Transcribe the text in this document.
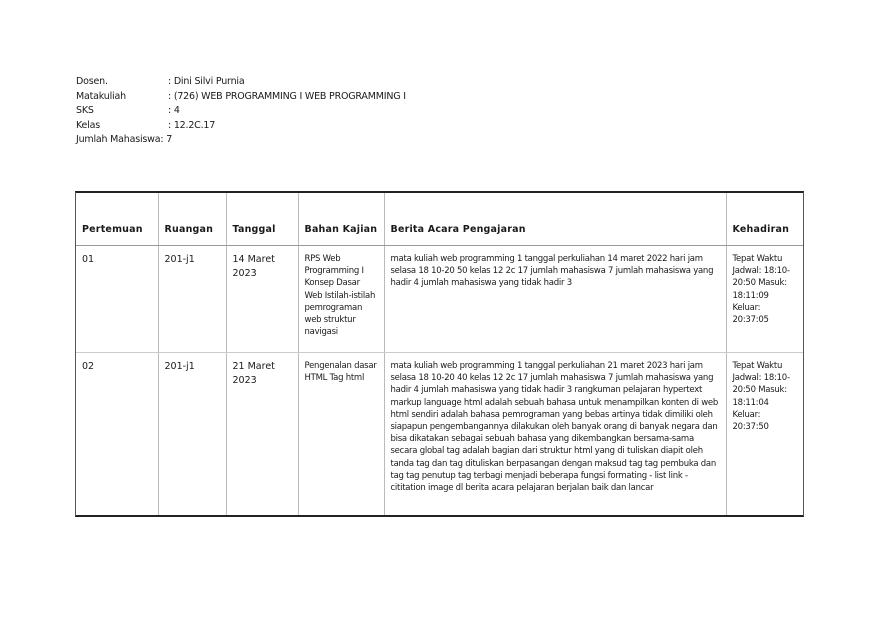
Dosen.	: Dini Silvi Purnia
Matakuliah	: (726) WEB PROGRAMMING I WEB PROGRAMMING I
SKS	: 4
Kelas	: 12.2C.17
Jumlah Mahasiswa : 7
Pertemuan	Ruangan	Tanggal	Bahan Kajian	Berita Acara Pengajaran	Kehadiran
01	201-j1	14 Maret 2023	RPS Web Programming I Konsep Dasar Web Istilah-istilah pemrograman web struktur navigasi	mata kuliah web programming 1 tanggal perkuliahan 14 maret 2022 hari jam selasa 18 10-20 50 kelas 12 2c 17 jumlah mahasiswa 7 jumlah mahasiswa yang hadir 4 jumlah mahasiswa yang tidak hadir 3	Tepat Waktu Jadwal: 18:10-20:50 Masuk: 18:11:09 Keluar: 20:37:05
02	201-j1	21 Maret 2023	Pengenalan dasar HTML Tag html	mata kuliah web programming 1 tanggal perkuliahan 21 maret 2023 hari jam selasa 18 10-20 40 kelas 12 2c 17 jumlah mahasiswa 7 jumlah mahasiswa yang hadir 4 jumlah mahasiswa yang tidak hadir 3 rangkuman pelajaran hypertext markup language html adalah sebuah bahasa untuk menampilkan konten di web html sendiri adalah bahasa pemrograman yang bebas artinya tidak dimiliki oleh siapapun pengembangannya dilakukan oleh banyak orang di banyak negara dan bisa dikatakan sebagai sebuah bahasa yang dikembangkan bersama-sama secara global tag adalah bagian dari struktur html yang di tuliskan diapit oleh tanda tag dan tag dituliskan berpasangan dengan maksud tag tag pembuka dan tag tag penutup tag terbagi menjadi beberapa fungsi formating - list link - cititation image dl berita acara pelajaran berjalan baik dan lancar	Tepat Waktu Jadwal: 18:10-20:50 Masuk: 18:11:04 Keluar: 20:37:50
